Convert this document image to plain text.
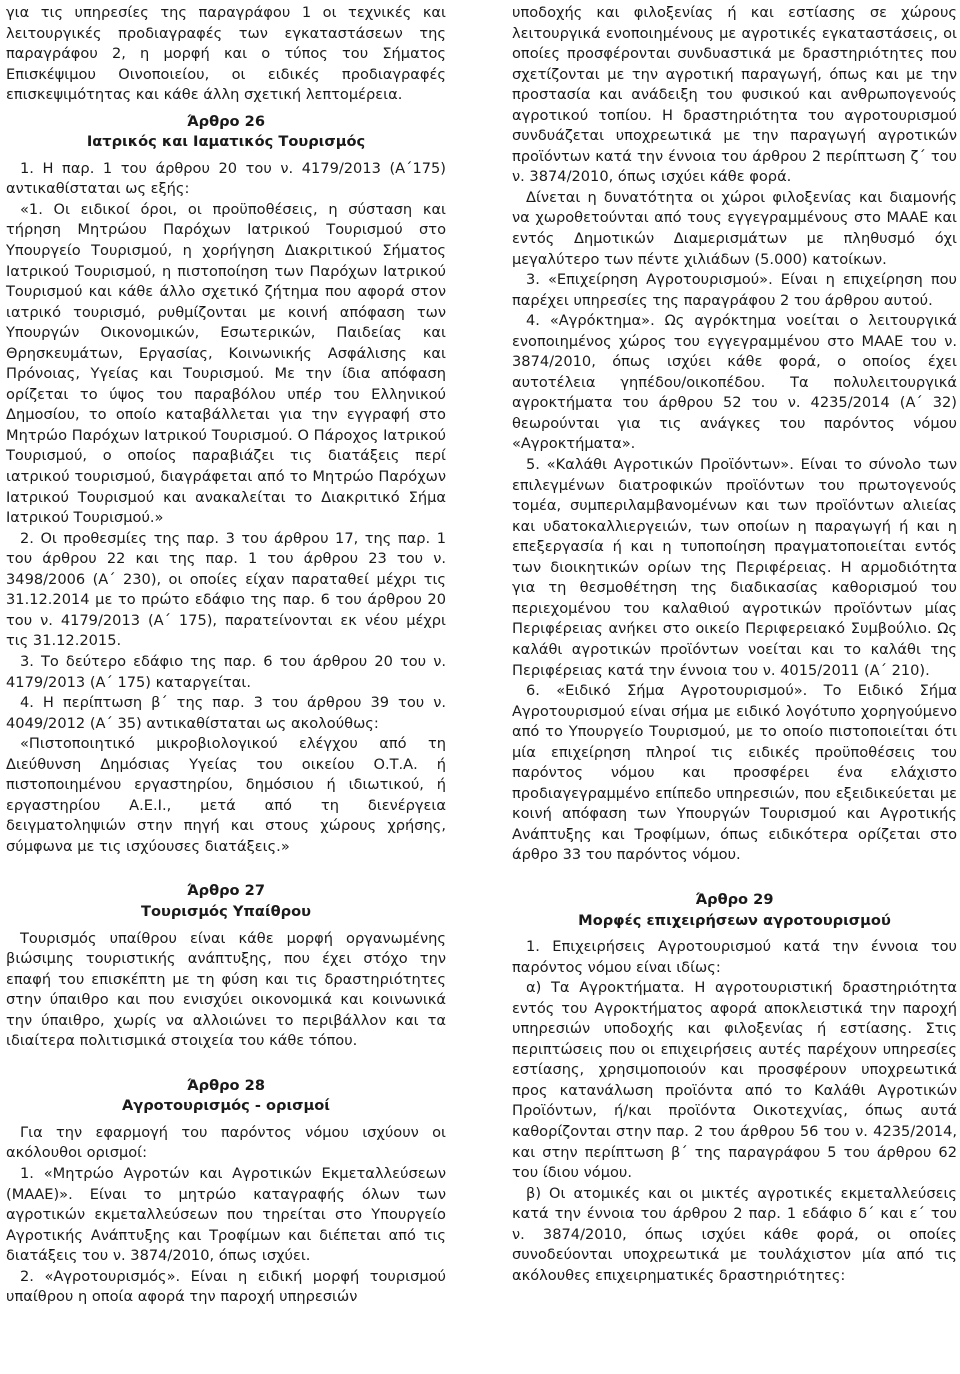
για τις υπηρεσίες της παραγράφου 1 οι τεχνικές και λειτουργικές προδιαγραφές των εγκαταστάσεων της παραγράφου 2, η μορφή και ο τύπος του Σήματος Επισκέψιμου Οινοποιείου, οι ειδικές προδιαγραφές επισκεψιμότητας και κάθε άλλη σχετική λεπτομέρεια.

Άρθρο 26

Ιατρικός και Ιαματικός Τουρισμός

1. Η παρ. 1 του άρθρου 20 του ν. 4179/2013 (Α΄175) αντικαθίσταται ως εξής:

«1. Οι ειδικοί όροι, οι προϋποθέσεις, η σύσταση και τήρηση Μητρώου Παρόχων Ιατρικού Τουρισμού στο Υπουργείο Τουρισμού, η χορήγηση Διακριτικού Σήματος Ιατρικού Τουρισμού, η πιστοποίηση των Παρόχων Ιατρικού Τουρισμού και κάθε άλλο σχετικό ζήτημα που αφορά στον ιατρικό τουρισμό, ρυθμίζονται με κοινή απόφαση των Υπουργών Οικονομικών, Εσωτερικών, Παιδείας και Θρησκευμάτων, Εργασίας, Κοινωνικής Ασφάλισης και Πρόνοιας, Υγείας και Τουρισμού. Με την ίδια απόφαση ορίζεται το ύψος του παραβόλου υπέρ του Ελληνικού Δημοσίου, το οποίο καταβάλλεται για την εγγραφή στο Μητρώο Παρόχων Ιατρικού Τουρισμού. Ο Πάροχος Ιατρικού Τουρισμού, ο οποίος παραβιάζει τις διατάξεις περί ιατρικού τουρισμού, διαγράφεται από το Μητρώο Παρόχων Ιατρικού Τουρισμού και ανακαλείται το Διακριτικό Σήμα Ιατρικού Τουρισμού.»

2. Οι προθεσμίες της παρ. 3 του άρθρου 17, της παρ. 1 του άρθρου 22 και της παρ. 1 του άρθρου 23 του ν. 3498/2006 (Α΄ 230), οι οποίες είχαν παραταθεί μέχρι τις 31.12.2014 με το πρώτο εδάφιο της παρ. 6 του άρθρου 20 του ν. 4179/2013 (Α΄ 175), παρατείνονται εκ νέου μέχρι τις 31.12.2015.

3. Το δεύτερο εδάφιο της παρ. 6 του άρθρου 20 του ν. 4179/2013 (Α΄ 175) καταργείται.

4. Η περίπτωση β΄ της παρ. 3 του άρθρου 39 του ν. 4049/2012 (Α΄ 35) αντικαθίσταται ως ακολούθως:

«Πιστοποιητικό μικροβιολογικού ελέγχου από τη Διεύθυνση Δημόσιας Υγείας του οικείου Ο.Τ.Α. ή πιστοποιημένου εργαστηρίου, δημόσιου ή ιδιωτικού, ή εργαστηρίου Α.Ε.Ι., μετά από τη διενέργεια δειγματοληψιών στην πηγή και στους χώρους χρήσης, σύμφωνα με τις ισχύουσες διατάξεις.»

Άρθρο 27

Τουρισμός Υπαίθρου

Τουρισμός υπαίθρου είναι κάθε μορφή οργανωμένης βιώσιμης τουριστικής ανάπτυξης, που έχει στόχο την επαφή του επισκέπτη με τη φύση και τις δραστηριότητες στην ύπαιθρο και που ενισχύει οικονομικά και κοινωνικά την ύπαιθρο, χωρίς να αλλοιώνει το περιβάλλον και τα ιδιαίτερα πολιτισμικά στοιχεία του κάθε τόπου.

Άρθρο 28

Αγροτουρισμός - ορισμοί

Για την εφαρμογή του παρόντος νόμου ισχύουν οι ακόλουθοι ορισμοί:

1. «Μητρώο Αγροτών και Αγροτικών Εκμεταλλεύσεων (ΜΑΑΕ)». Είναι το μητρώο καταγραφής όλων των αγροτικών εκμεταλλεύσεων που τηρείται στο Υπουργείο Αγροτικής Ανάπτυξης και Τροφίμων και διέπεται από τις διατάξεις του ν. 3874/2010, όπως ισχύει.

2. «Αγροτουρισμός». Είναι η ειδική μορφή τουρισμού υπαίθρου η οποία αφορά την παροχή υπηρεσιών

υποδοχής και φιλοξενίας ή και εστίασης σε χώρους λειτουργικά ενοποιημένους με αγροτικές εγκαταστάσεις, οι οποίες προσφέρονται συνδυαστικά με δραστηριότητες που σχετίζονται με την αγροτική παραγωγή, όπως και με την προστασία και ανάδειξη του φυσικού και ανθρωπογενούς αγροτικού τοπίου. Η δραστηριότητα του αγροτουρισμού συνδυάζεται υποχρεωτικά με την παραγωγή αγροτικών προϊόντων κατά την έννοια του άρθρου 2 περίπτωση ζ΄ του ν. 3874/2010, όπως ισχύει κάθε φορά.

Δίνεται η δυνατότητα οι χώροι φιλοξενίας και διαμονής να χωροθετούνται από τους εγγεγραμμένους στο ΜΑΑΕ και εντός Δημοτικών Διαμερισμάτων με πληθυσμό όχι μεγαλύτερο των πέντε χιλιάδων (5.000) κατοίκων.

3. «Επιχείρηση Αγροτουρισμού». Είναι η επιχείρηση που παρέχει υπηρεσίες της παραγράφου 2 του άρθρου αυτού.

4. «Αγρόκτημα». Ως αγρόκτημα νοείται ο λειτουργικά ενοποιημένος χώρος του εγγεγραμμένου στο ΜΑΑΕ του ν. 3874/2010, όπως ισχύει κάθε φορά, ο οποίος έχει αυτοτέλεια γηπέδου/οικοπέδου. Τα πολυλειτουργικά αγροκτήματα του άρθρου 52 του ν. 4235/2014 (Α΄ 32) θεωρούνται για τις ανάγκες του παρόντος νόμου «Αγροκτήματα».

5. «Καλάθι Αγροτικών Προϊόντων». Είναι το σύνολο των επιλεγμένων διατροφικών προϊόντων του πρωτογενούς τομέα, συμπεριλαμβανομένων και των προϊόντων αλιείας και υδατοκαλλιεργειών, των οποίων η παραγωγή ή και η επεξεργασία ή και η τυποποίηση πραγματοποιείται εντός των διοικητικών ορίων της Περιφέρειας. Η αρμοδιότητα για τη θεσμοθέτηση της διαδικασίας καθορισμού του περιεχομένου του καλαθιού αγροτικών προϊόντων μίας Περιφέρειας ανήκει στο οικείο Περιφερειακό Συμβούλιο. Ως καλάθι αγροτικών προϊόντων νοείται και το καλάθι της Περιφέρειας κατά την έννοια του ν. 4015/2011 (Α΄ 210).

6. «Ειδικό Σήμα Αγροτουρισμού». Το Ειδικό Σήμα Αγροτουρισμού είναι σήμα με ειδικό λογότυπο χορηγούμενο από το Υπουργείο Τουρισμού, με το οποίο πιστοποιείται ότι μία επιχείρηση πληροί τις ειδικές προϋποθέσεις του παρόντος νόμου και προσφέρει ένα ελάχιστο προδιαγεγραμμένο επίπεδο υπηρεσιών, που εξειδικεύεται με κοινή απόφαση των Υπουργών Τουρισμού και Αγροτικής Ανάπτυξης και Τροφίμων, όπως ειδικότερα ορίζεται στο άρθρο 33 του παρόντος νόμου.

Άρθρο 29

Μορφές επιχειρήσεων αγροτουρισμού

1. Επιχειρήσεις Αγροτουρισμού κατά την έννοια του παρόντος νόμου είναι ιδίως:

α) Τα Αγροκτήματα. Η αγροτουριστική δραστηριότητα εντός του Αγροκτήματος αφορά αποκλειστικά την παροχή υπηρεσιών υποδοχής και φιλοξενίας ή εστίασης. Στις περιπτώσεις που οι επιχειρήσεις αυτές παρέχουν υπηρεσίες εστίασης, χρησιμοποιούν και προσφέρουν υποχρεωτικά προς κατανάλωση προϊόντα από το Καλάθι Αγροτικών Προϊόντων, ή/και προϊόντα Οικοτεχνίας, όπως αυτά καθορίζονται στην παρ. 2 του άρθρου 56 του ν. 4235/2014, και στην περίπτωση β΄ της παραγράφου 5 του άρθρου 62 του ίδιου νόμου.

β) Οι ατομικές και οι μικτές αγροτικές εκμεταλλεύσεις κατά την έννοια του άρθρου 2 παρ. 1 εδάφιο δ΄ και ε΄ του ν. 3874/2010, όπως ισχύει κάθε φορά, οι οποίες συνοδεύονται υποχρεωτικά με τουλάχιστον μία από τις ακόλουθες επιχειρηματικές δραστηριότητες:
